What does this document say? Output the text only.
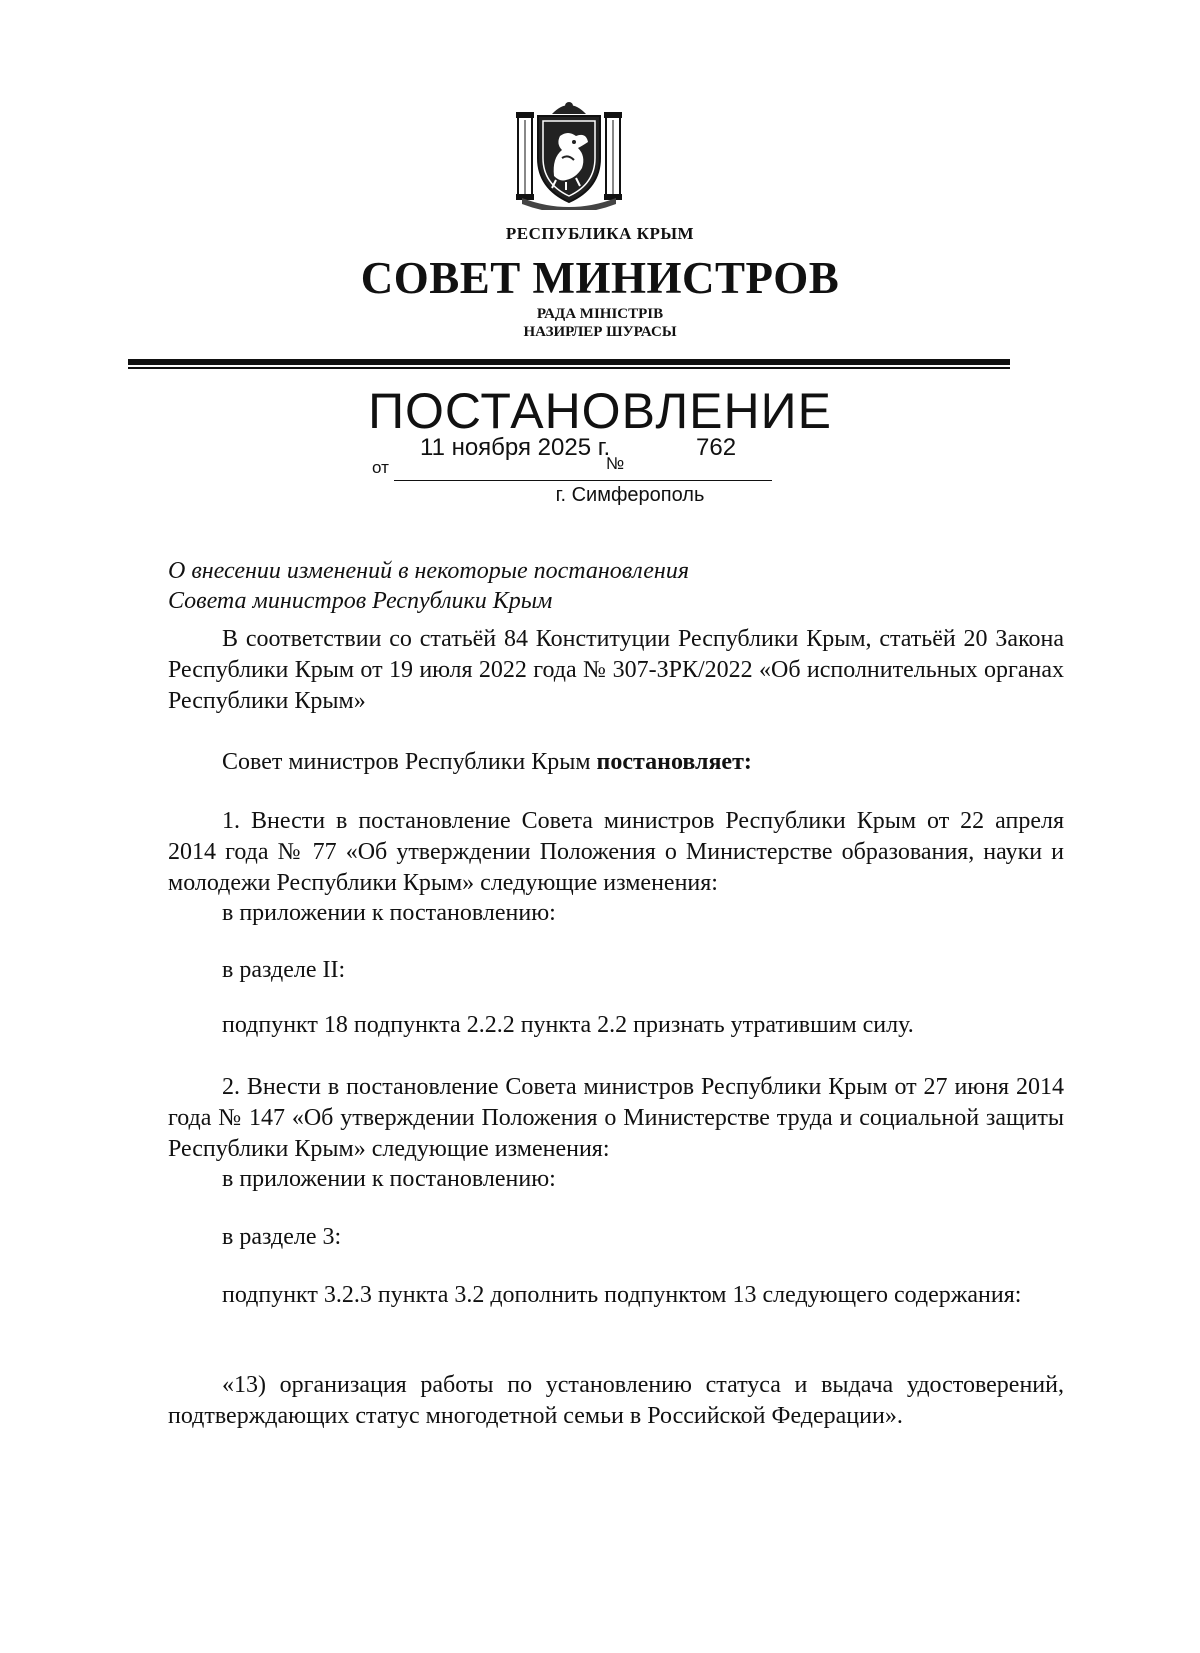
РЕСПУБЛИКА КРЫМ
СОВЕТ МИНИСТРОВ
РАДА МІНІСТРІВ
НАЗИРЛЕР ШУРАСЫ
ПОСТАНОВЛЕНИЕ
от
11 ноября 2025 г.
№
762
г. Симферополь
О внесении изменений в некоторые постановления
Совета министров Республики Крым
В соответствии со статьёй 84 Конституции Республики Крым, статьёй 20 Закона Республики Крым от 19 июля 2022 года № 307-ЗРК/2022 «Об исполнительных органах Республики Крым»
Совет министров Республики Крым постановляет:
1. Внести в постановление Совета министров Республики Крым от 22 апреля 2014 года № 77 «Об утверждении Положения о Министерстве образования, науки и молодежи Республики Крым» следующие изменения:
в приложении к постановлению:
в разделе II:
подпункт 18 подпункта 2.2.2 пункта 2.2 признать утратившим силу.
2. Внести в постановление Совета министров Республики Крым от 27 июня 2014 года № 147 «Об утверждении Положения о Министерстве труда и социальной защиты Республики Крым» следующие изменения:
в приложении к постановлению:
в разделе 3:
подпункт 3.2.3 пункта 3.2 дополнить подпунктом 13 следующего содержания:
«13) организация работы по установлению статуса и выдача удостоверений, подтверждающих статус многодетной семьи в Российской Федерации».
